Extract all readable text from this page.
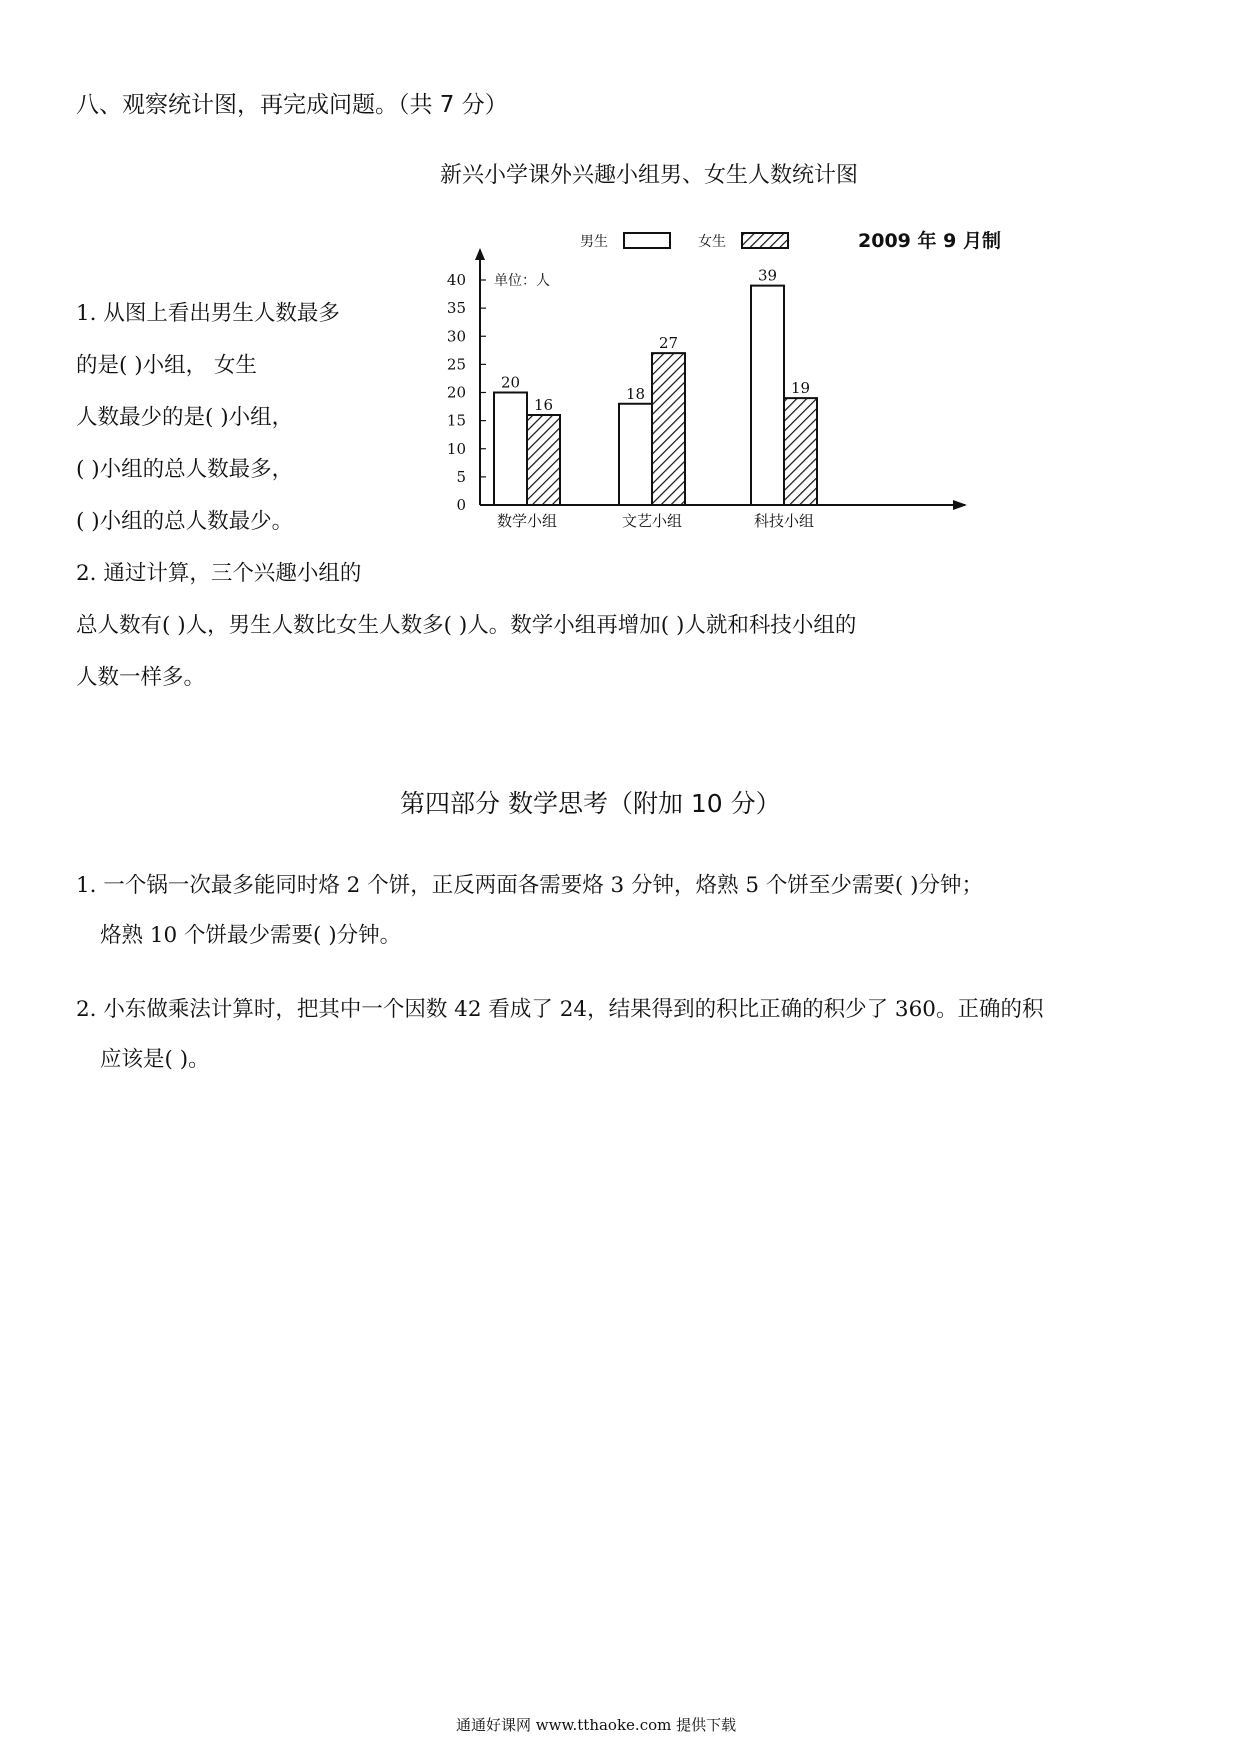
八、观察统计图，再完成问题。（共 7 分）
新兴小学课外兴趣小组男、女生人数统计图
2009 年 9 月制
1. 从图上看出男生人数最多
的是( )小组， 女生
人数最少的是( )小组，
( )小组的总人数最多，
( )小组的总人数最少。
2. 通过计算，三个兴趣小组的
总人数有( )人，男生人数比女生人数多( )人。数学小组再增加( )人就和科技小组的
人数一样多。
0
5
10
15
20
25
30
35
40 单位：人
20
16
数学小组
18
27
文艺小组
39
19
科技小组
男生	女生
第四部分 数学思考（附加 10 分）
1. 一个锅一次最多能同时烙 2 个饼，正反两面各需要烙 3 分钟，烙熟 5 个饼至少需要( )分钟；
烙熟 10 个饼最少需要( )分钟。
2. 小东做乘法计算时，把其中一个因数 42 看成了 24，结果得到的积比正确的积少了 360。正确的积
应该是( )。
通通好课网 www.tthaoke.com 提供下载
